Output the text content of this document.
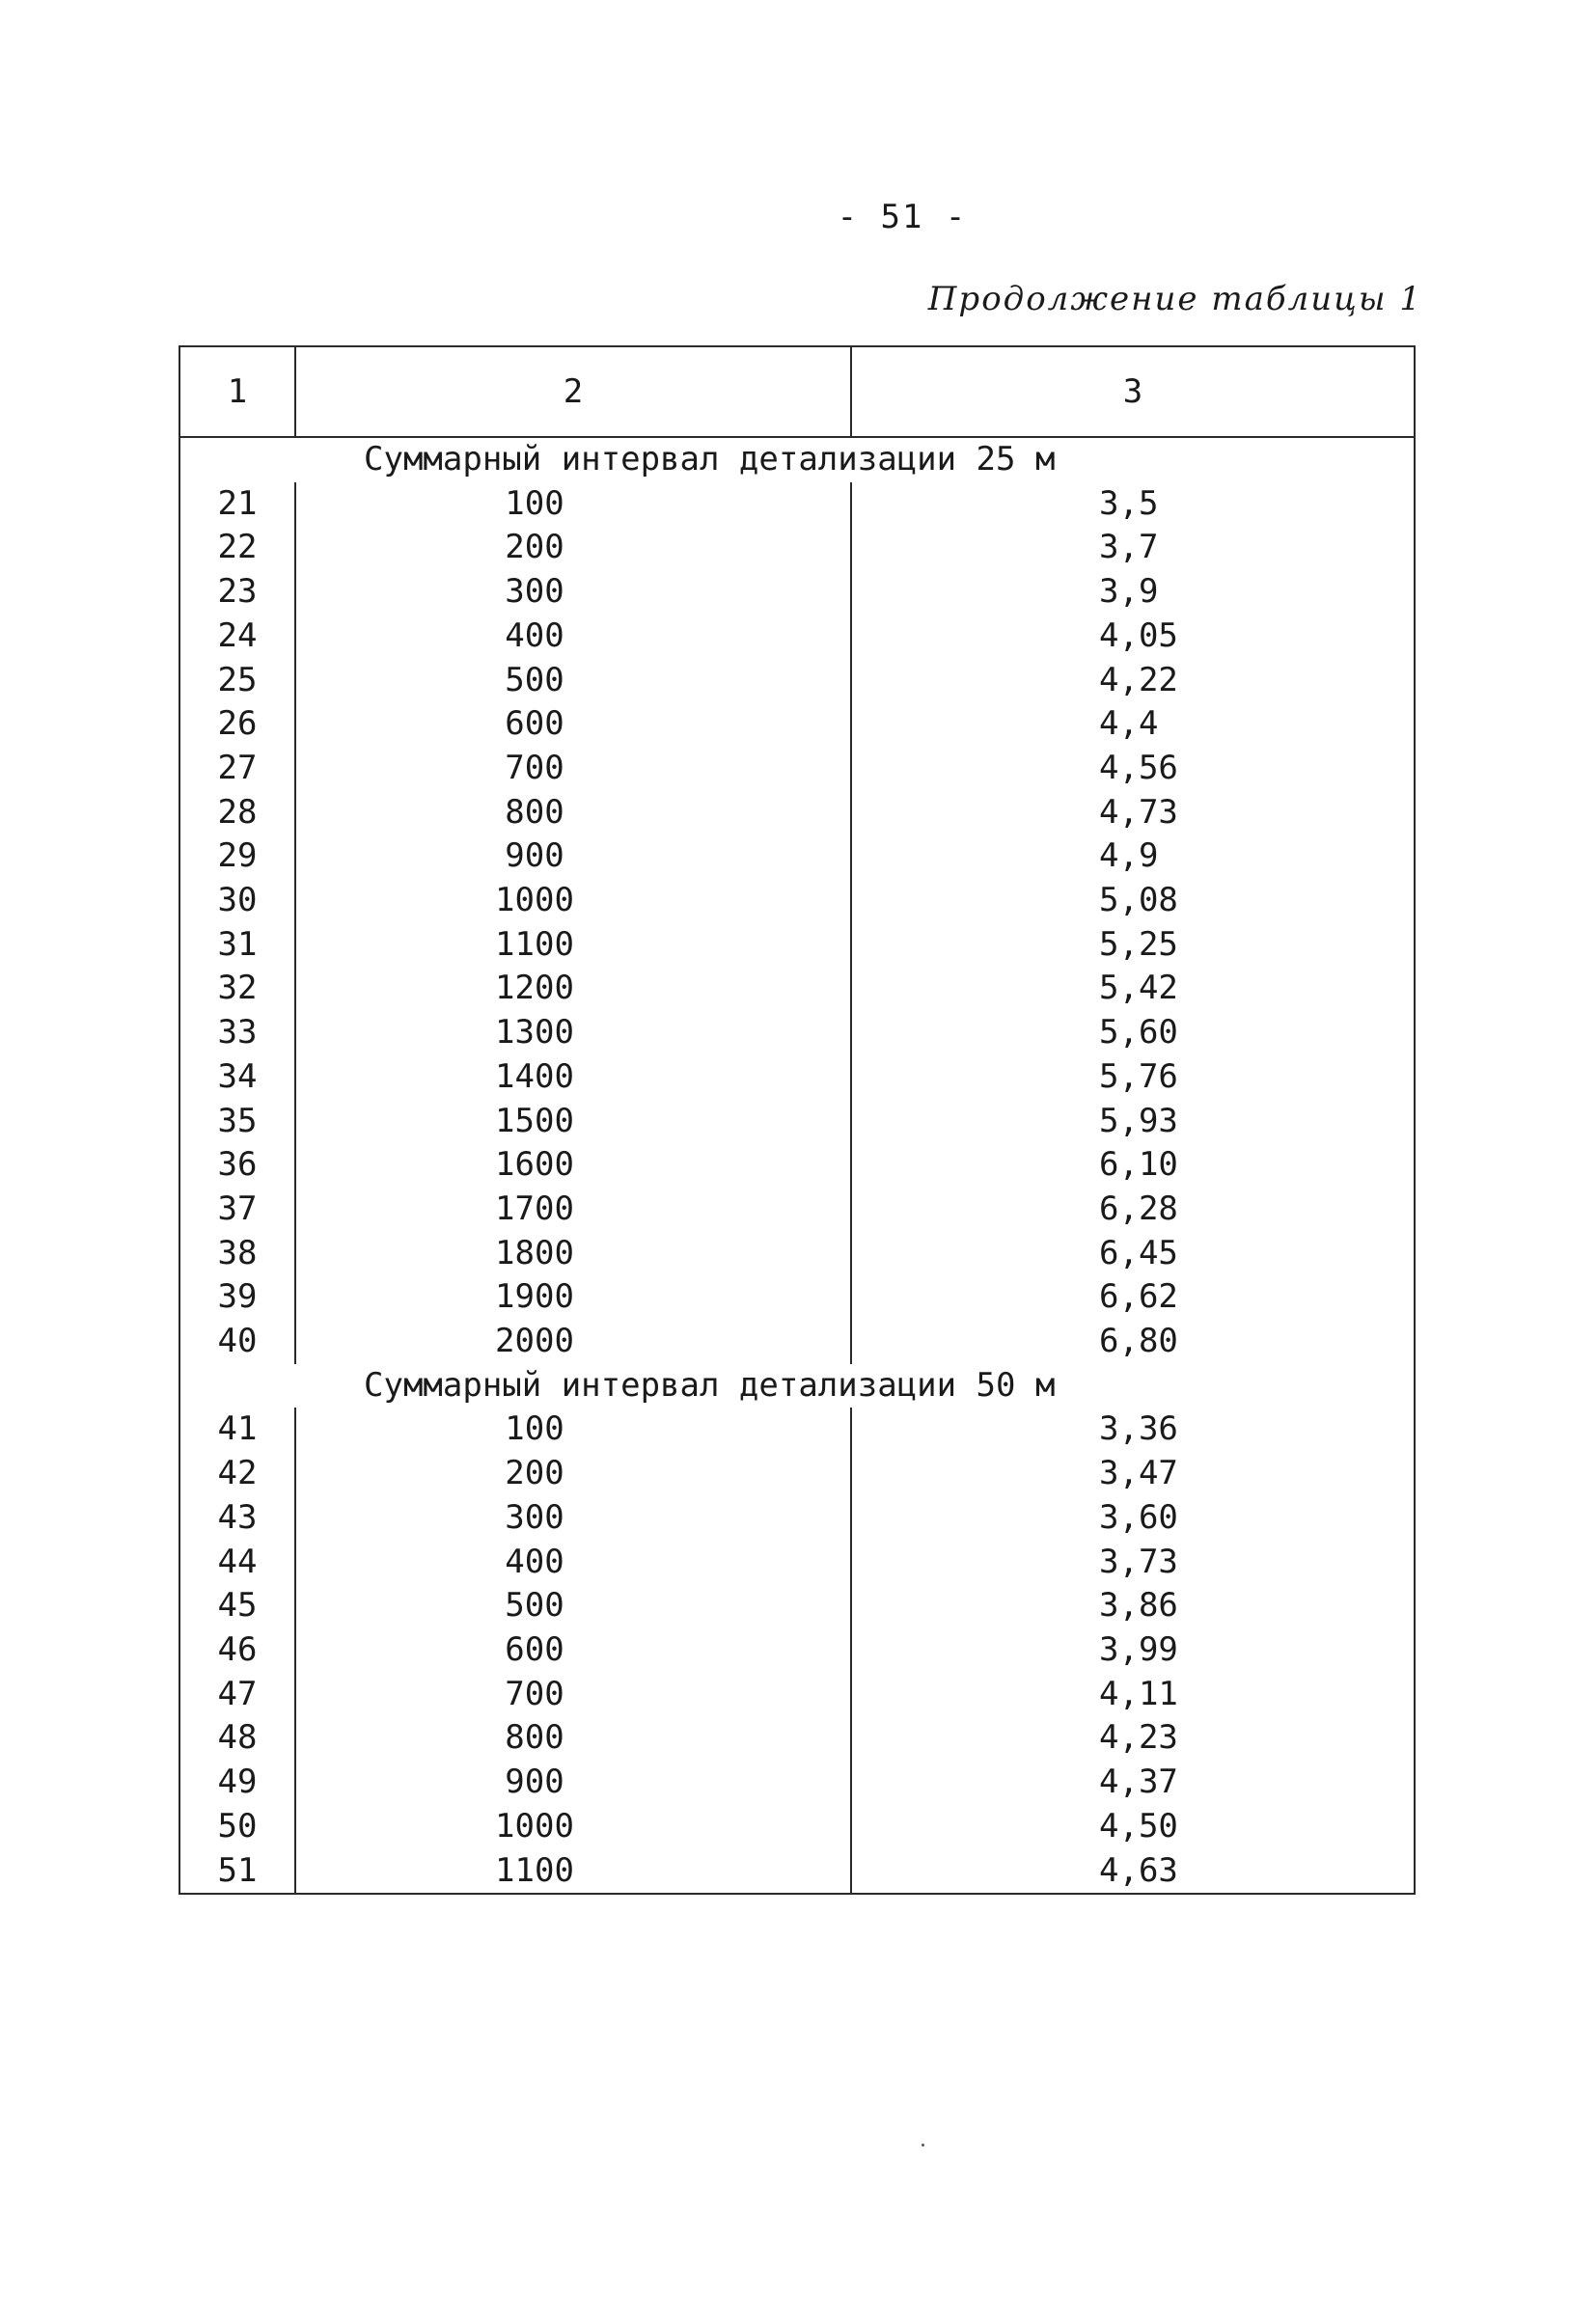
- 51 -
Продолжение таблицы 1
1	2	3
Суммарный интервал детализации 25 м		
21	100	3,5
22	200	3,7
23	300	3,9
24	400	4,05
25	500	4,22
26	600	4,4
27	700	4,56
28	800	4,73
29	900	4,9
30	1000	5,08
31	1100	5,25
32	1200	5,42
33	1300	5,60
34	1400	5,76
35	1500	5,93
36	1600	6,10
37	1700	6,28
38	1800	6,45
39	1900	6,62
40	2000	6,80
Суммарный интервал детализации 50 м		
41	100	3,36
42	200	3,47
43	300	3,60
44	400	3,73
45	500	3,86
46	600	3,99
47	700	4,11
48	800	4,23
49	900	4,37
50	1000	4,50
51	1100	4,63
